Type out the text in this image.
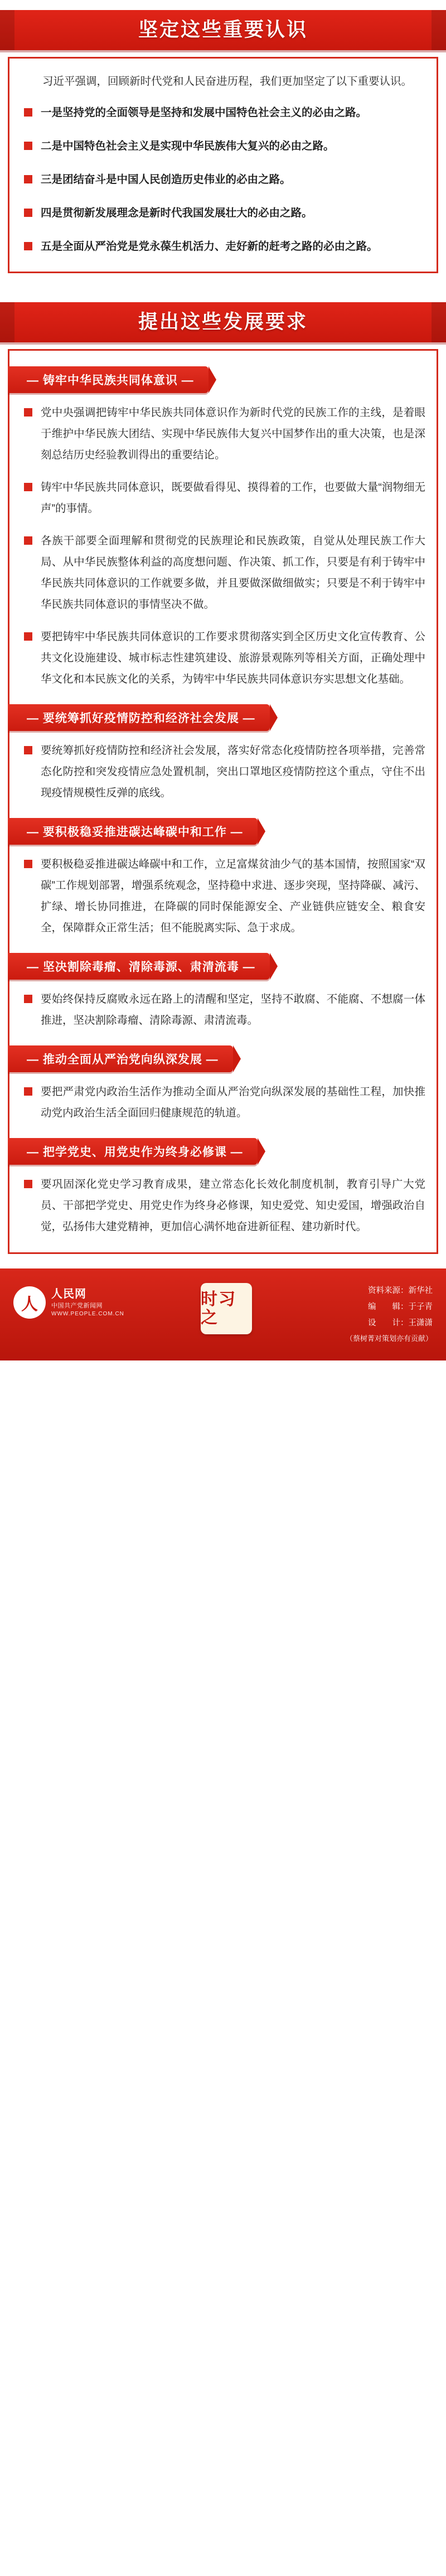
坚定这些重要认识

习近平强调，回顾新时代党和人民奋进历程，我们更加坚定了以下重要认识。

一是坚持党的全面领导是坚持和发展中国特色社会主义的必由之路。
二是中国特色社会主义是实现中华民族伟大复兴的必由之路。
三是团结奋斗是中国人民创造历史伟业的必由之路。
四是贯彻新发展理念是新时代我国发展壮大的必由之路。
五是全面从严治党是党永葆生机活力、走好新的赶考之路的必由之路。
提出这些发展要求
— 铸牢中华民族共同体意识 —
党中央强调把铸牢中华民族共同体意识作为新时代党的民族工作的主线，是着眼于维护中华民族大团结、实现中华民族伟大复兴中国梦作出的重大决策，也是深刻总结历史经验教训得出的重要结论。
铸牢中华民族共同体意识，既要做看得见、摸得着的工作，也要做大量“润物细无声”的事情。
各族干部要全面理解和贯彻党的民族理论和民族政策，自觉从处理民族工作大局、从中华民族整体利益的高度想问题、作决策、抓工作，只要是有利于铸牢中华民族共同体意识的工作就要多做，并且要做深做细做实；只要是不利于铸牢中华民族共同体意识的事情坚决不做。
要把铸牢中华民族共同体意识的工作要求贯彻落实到全区历史文化宣传教育、公共文化设施建设、城市标志性建筑建设、旅游景观陈列等相关方面，正确处理中华文化和本民族文化的关系，为铸牢中华民族共同体意识夯实思想文化基础。
— 要统筹抓好疫情防控和经济社会发展 —
要统筹抓好疫情防控和经济社会发展，落实好常态化疫情防控各项举措，完善常态化防控和突发疫情应急处置机制，突出口罩地区疫情防控这个重点，守住不出现疫情规模性反弹的底线。
— 要积极稳妥推进碳达峰碳中和工作 —
要积极稳妥推进碳达峰碳中和工作，立足富煤贫油少气的基本国情，按照国家“双碳”工作规划部署，增强系统观念，坚持稳中求进、逐步突现，坚持降碳、减污、扩绿、增长协同推进，在降碳的同时保能源安全、产业链供应链安全、粮食安全，保障群众正常生活；但不能脱离实际、急于求成。
— 坚决割除毒瘤、清除毒源、肃清流毒 —
要始终保持反腐败永远在路上的清醒和坚定，坚持不敢腐、不能腐、不想腐一体推进，坚决割除毒瘤、清除毒源、肃清流毒。
— 推动全面从严治党向纵深发展 —
要把严肃党内政治生活作为推动全面从严治党向纵深发展的基础性工程，加快推动党内政治生活全面回归健康规范的轨道。
— 把学党史、用党史作为终身必修课 —
要巩固深化党史学习教育成果，建立常态化长效化制度机制，教育引导广大党员、干部把学党史、用党史作为终身必修课，知史爱党、知史爱国，增强政治自觉，弘扬伟大建党精神，更加信心满怀地奋进新征程、建功新时代。
人
人民网
中国共产党新闻网
WWW.PEOPLE.COM.CN
时习之
资料来源：新华社
编　　辑：于子青
设　　计：王潇潇
（蔡树菁对策划亦有贡献）
